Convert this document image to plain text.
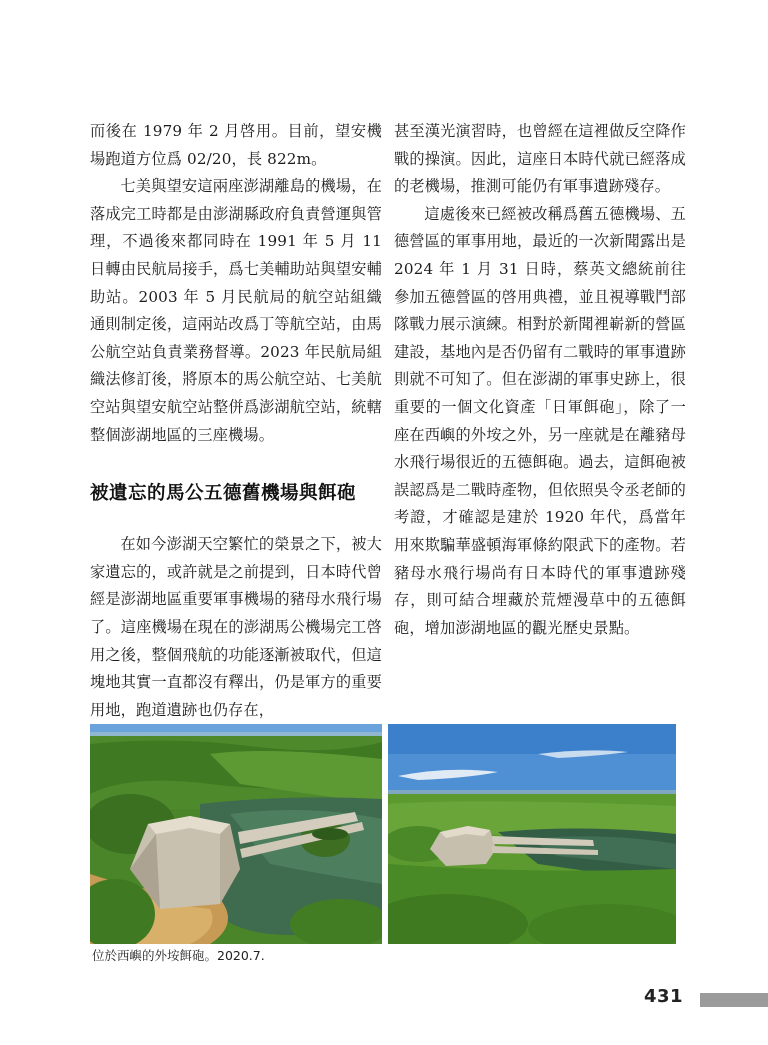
而後在 1979 年 2 月啓用。目前，望安機場跑道方位爲 02/20，長 822m。

七美與望安這兩座澎湖離島的機場，在落成完工時都是由澎湖縣政府負責營運與管理，不過後來都同時在 1991 年 5 月 11 日轉由民航局接手，爲七美輔助站與望安輔助站。2003 年 5 月民航局的航空站組織通則制定後，這兩站改爲丁等航空站，由馬公航空站負責業務督導。2023 年民航局組織法修訂後，將原本的馬公航空站、七美航空站與望安航空站整併爲澎湖航空站，統轄整個澎湖地區的三座機場。

被遺忘的馬公五德舊機場與餌砲

在如今澎湖天空繁忙的榮景之下，被大家遺忘的，或許就是之前提到，日本時代曾經是澎湖地區重要軍事機場的豬母水飛行場了。這座機場在現在的澎湖馬公機場完工啓用之後，整個飛航的功能逐漸被取代，但這塊地其實一直都沒有釋出，仍是軍方的重要用地，跑道遺跡也仍存在，

甚至漢光演習時，也曾經在這裡做反空降作戰的操演。因此，這座日本時代就已經落成的老機場，推測可能仍有軍事遺跡殘存。

這處後來已經被改稱爲舊五德機場、五德營區的軍事用地，最近的一次新聞露出是 2024 年 1 月 31 日時，蔡英文總統前往參加五德營區的啓用典禮，並且視導戰鬥部隊戰力展示演練。相對於新聞裡嶄新的營區建設，基地內是否仍留有二戰時的軍事遺跡則就不可知了。但在澎湖的軍事史跡上，很重要的一個文化資產「日軍餌砲」，除了一座在西嶼的外垵之外，另一座就是在離豬母水飛行場很近的五德餌砲。過去，這餌砲被誤認爲是二戰時產物，但依照吳令丞老師的考證，才確認是建於 1920 年代，爲當年用來欺騙華盛頓海軍條約限武下的產物。若豬母水飛行場尚有日本時代的軍事遺跡殘存，則可結合埋藏於荒煙漫草中的五德餌砲，增加澎湖地區的觀光歷史景點。

位於西嶼的外垵餌砲。2020.7.
431
